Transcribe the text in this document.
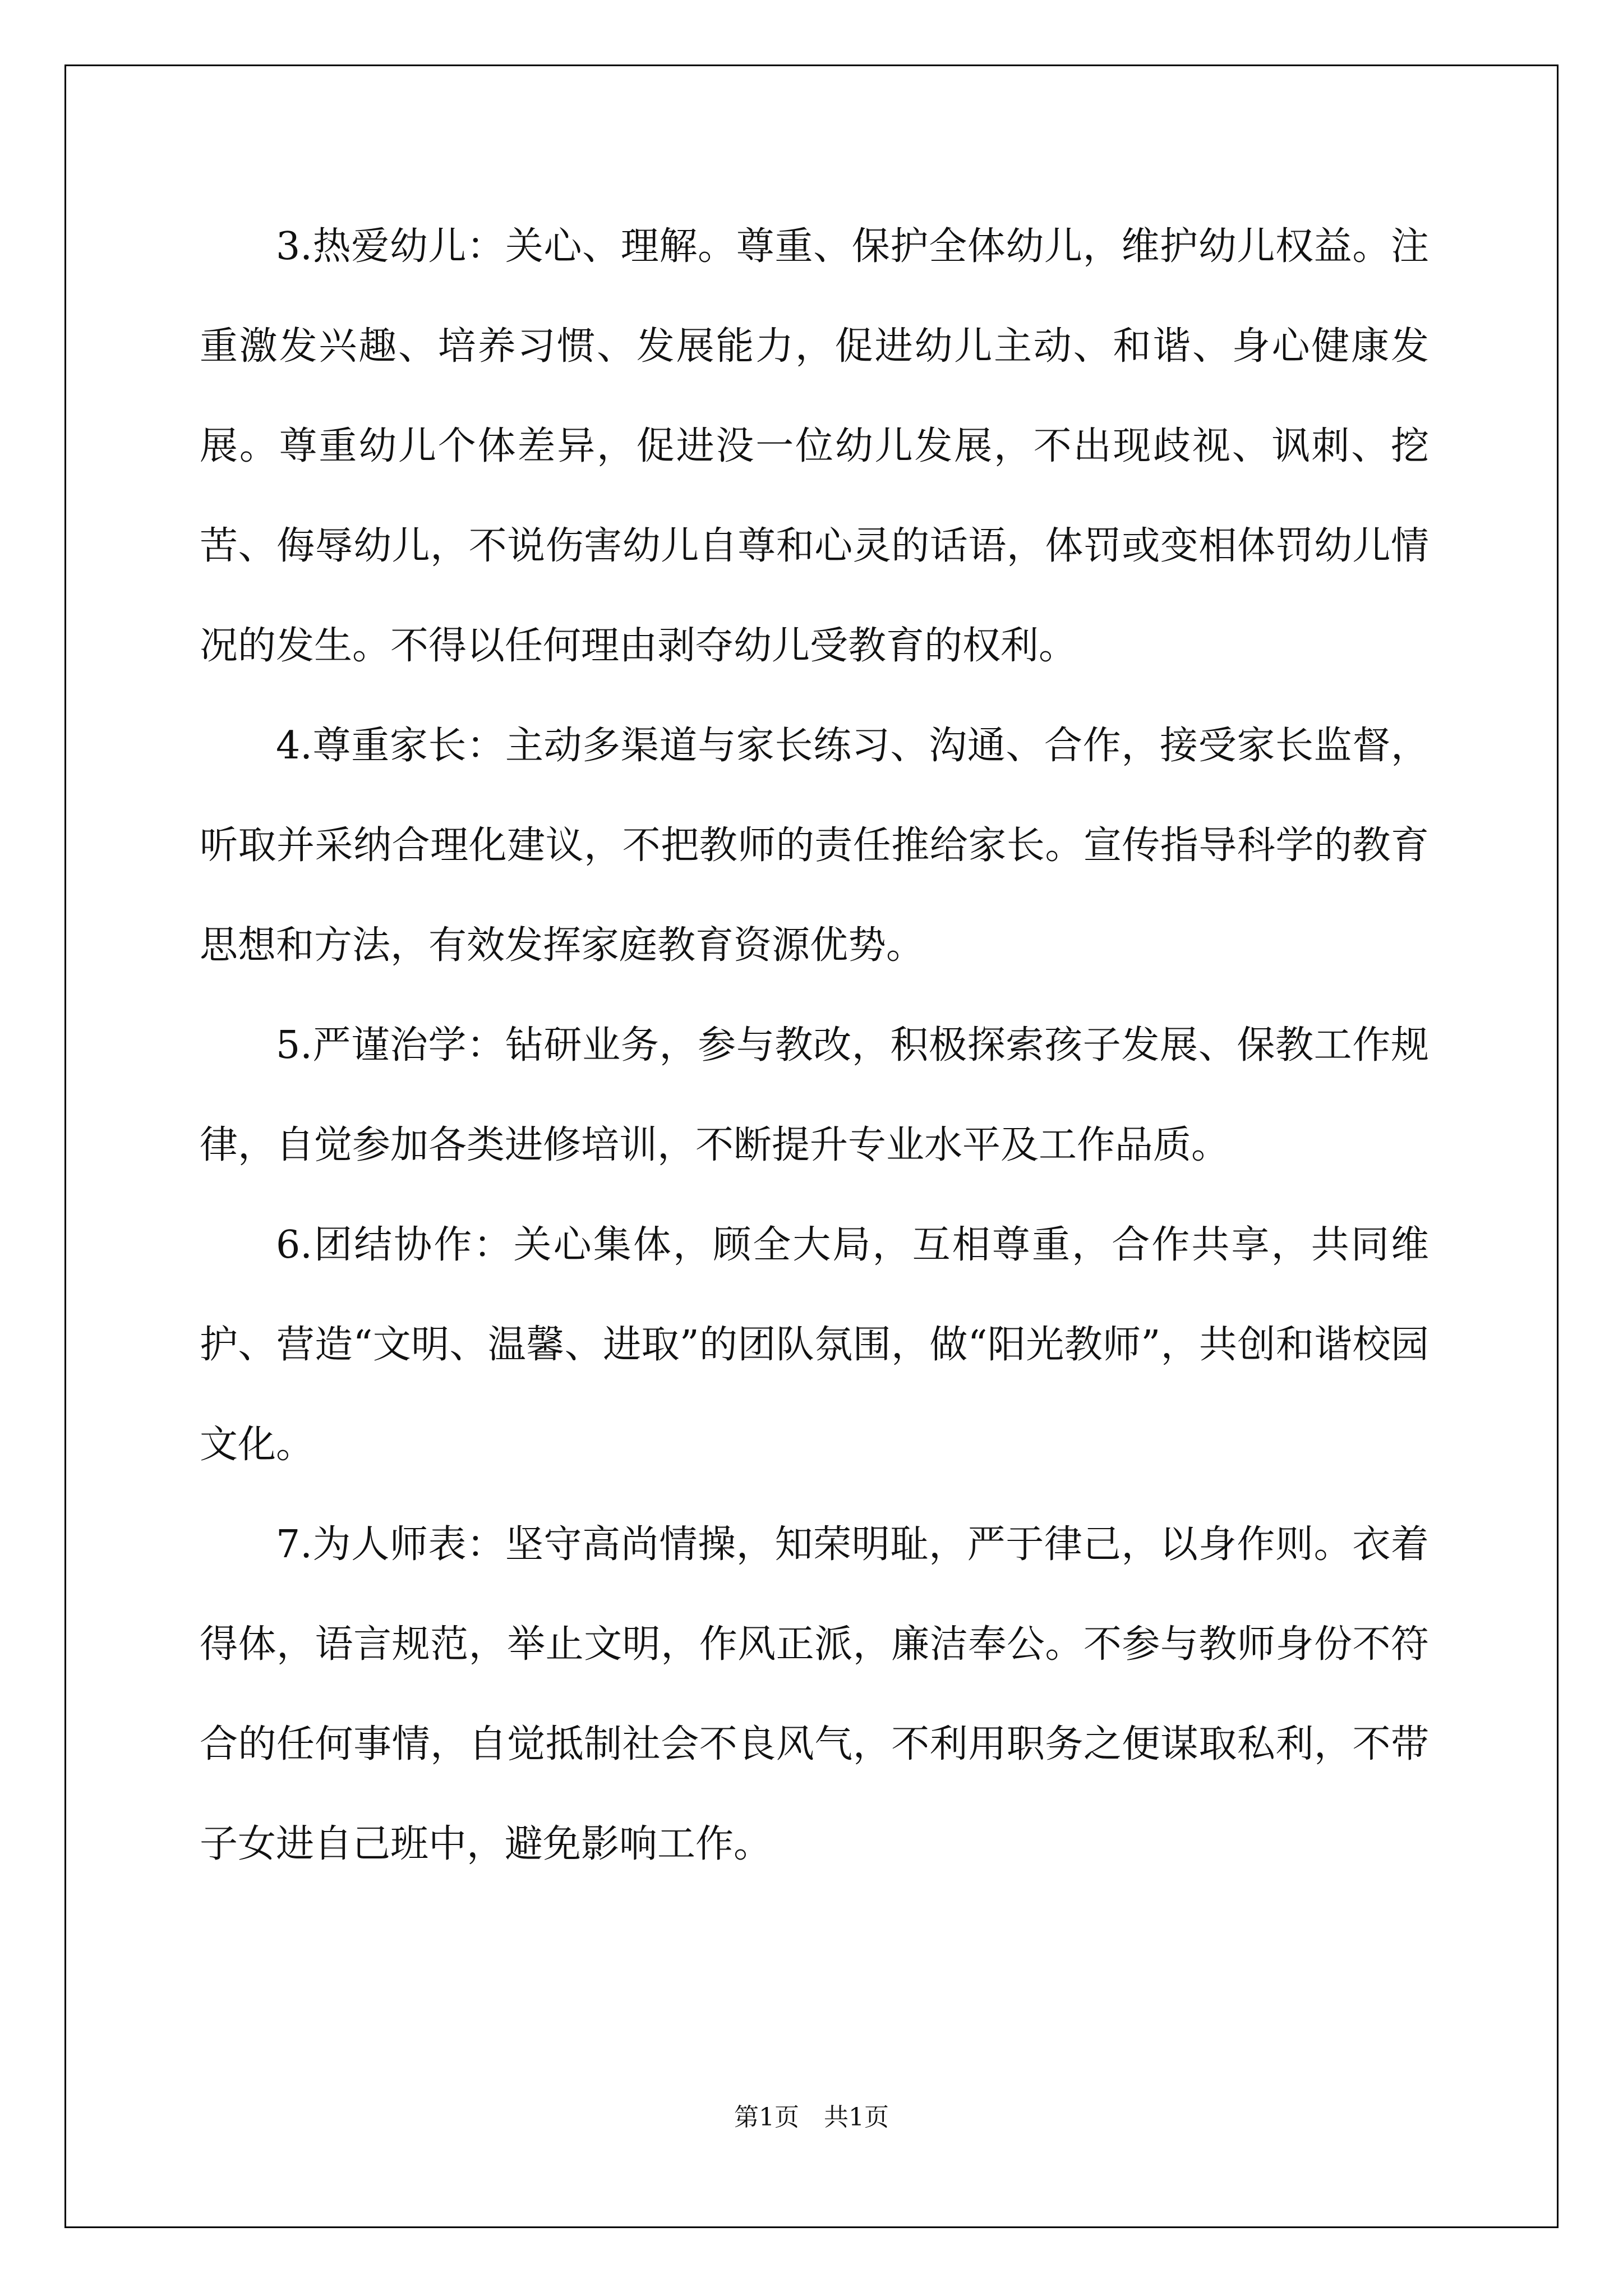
3.热爱幼儿：关心、理解。尊重、保护全体幼儿，维护幼儿权益。注重激发兴趣、培养习惯、发展能力，促进幼儿主动、和谐、身心健康发展。尊重幼儿个体差异，促进没一位幼儿发展，不出现歧视、讽刺、挖苦、侮辱幼儿，不说伤害幼儿自尊和心灵的话语，体罚或变相体罚幼儿情况的发生。不得以任何理由剥夺幼儿受教育的权利。

4.尊重家长：主动多渠道与家长练习、沟通、合作，接受家长监督，听取并采纳合理化建议，不把教师的责任推给家长。宣传指导科学的教育思想和方法，有效发挥家庭教育资源优势。

5.严谨治学：钻研业务，参与教改，积极探索孩子发展、保教工作规律，自觉参加各类进修培训，不断提升专业水平及工作品质。

6.团结协作：关心集体，顾全大局，互相尊重，合作共享，共同维护、营造“文明、温馨、进取”的团队氛围，做“阳光教师”，共创和谐校园文化。

7.为人师表：坚守高尚情操，知荣明耻，严于律己，以身作则。衣着得体，语言规范，举止文明，作风正派，廉洁奉公。不参与教师身份不符合的任何事情，自觉抵制社会不良风气，不利用职务之便谋取私利，不带子女进自己班中，避免影响工作。

第1页　共1页
